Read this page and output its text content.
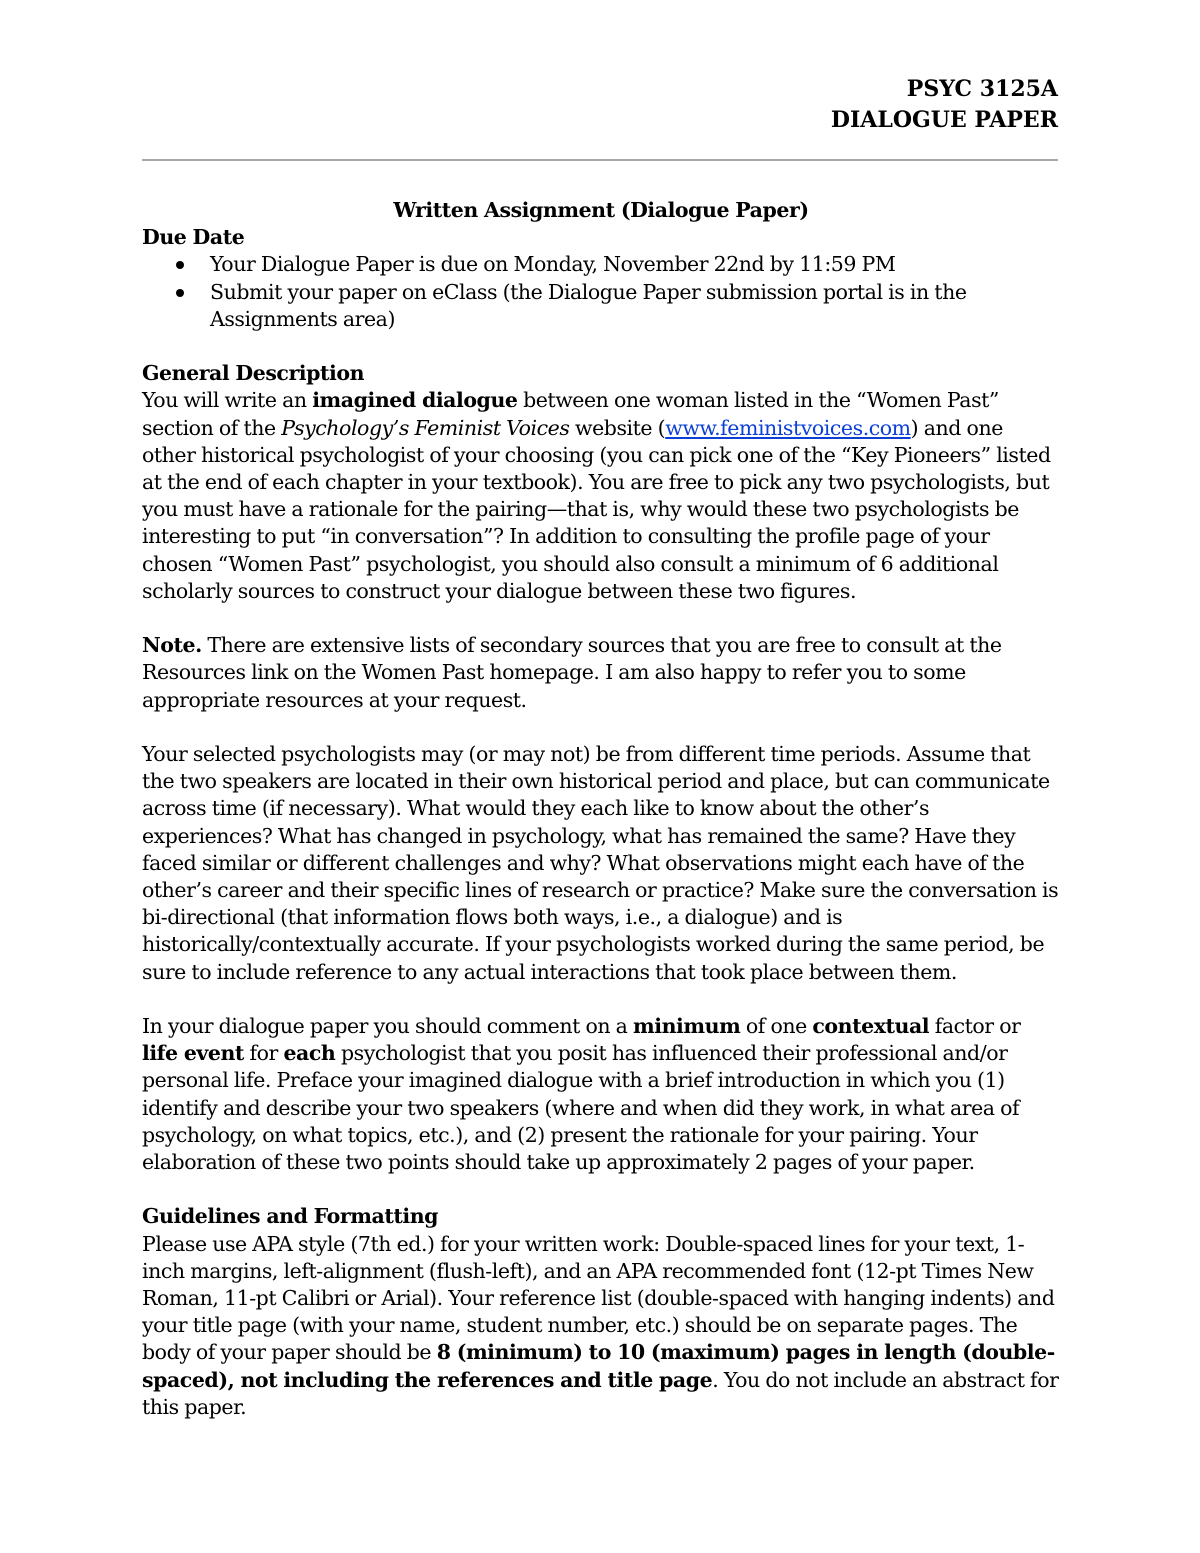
PSYC 3125A
DIALOGUE PAPER

Written Assignment (Dialogue Paper)

Due Date

Your Dialogue Paper is due on Monday, November 22nd by 11:59 PM
Submit your paper on eClass (the Dialogue Paper submission portal is in the Assignments area)

General Description

You will write an imagined dialogue between one woman listed in the “Women Past” section of the Psychology’s Feminist Voices website (www.feministvoices.com) and one other historical psychologist of your choosing (you can pick one of the “Key Pioneers” listed at the end of each chapter in your textbook). You are free to pick any two psychologists, but you must have a rationale for the pairing—that is, why would these two psychologists be interesting to put “in conversation”? In addition to consulting the profile page of your chosen “Women Past” psychologist, you should also consult a minimum of 6 additional scholarly sources to construct your dialogue between these two figures.

Note. There are extensive lists of secondary sources that you are free to consult at the Resources link on the Women Past homepage. I am also happy to refer you to some appropriate resources at your request.

Your selected psychologists may (or may not) be from different time periods. Assume that the two speakers are located in their own historical period and place, but can communicate across time (if necessary). What would they each like to know about the other’s experiences? What has changed in psychology, what has remained the same? Have they faced similar or different challenges and why? What observations might each have of the other’s career and their specific lines of research or practice? Make sure the conversation is bi-directional (that information flows both ways, i.e., a dialogue) and is historically/contextually accurate. If your psychologists worked during the same period, be sure to include reference to any actual interactions that took place between them.

In your dialogue paper you should comment on a minimum of one contextual factor or life event for each psychologist that you posit has influenced their professional and/or personal life. Preface your imagined dialogue with a brief introduction in which you (1) identify and describe your two speakers (where and when did they work, in what area of psychology, on what topics, etc.), and (2) present the rationale for your pairing. Your elaboration of these two points should take up approximately 2 pages of your paper.

Guidelines and Formatting

Please use APA style (7th ed.) for your written work: Double-spaced lines for your text, 1-inch margins, left-alignment (flush-left), and an APA recommended font (12-pt Times New Roman, 11-pt Calibri or Arial). Your reference list (double-spaced with hanging indents) and your title page (with your name, student number, etc.) should be on separate pages. The body of your paper should be 8 (minimum) to 10 (maximum) pages in length (double-spaced), not including the references and title page. You do not include an abstract for this paper.
